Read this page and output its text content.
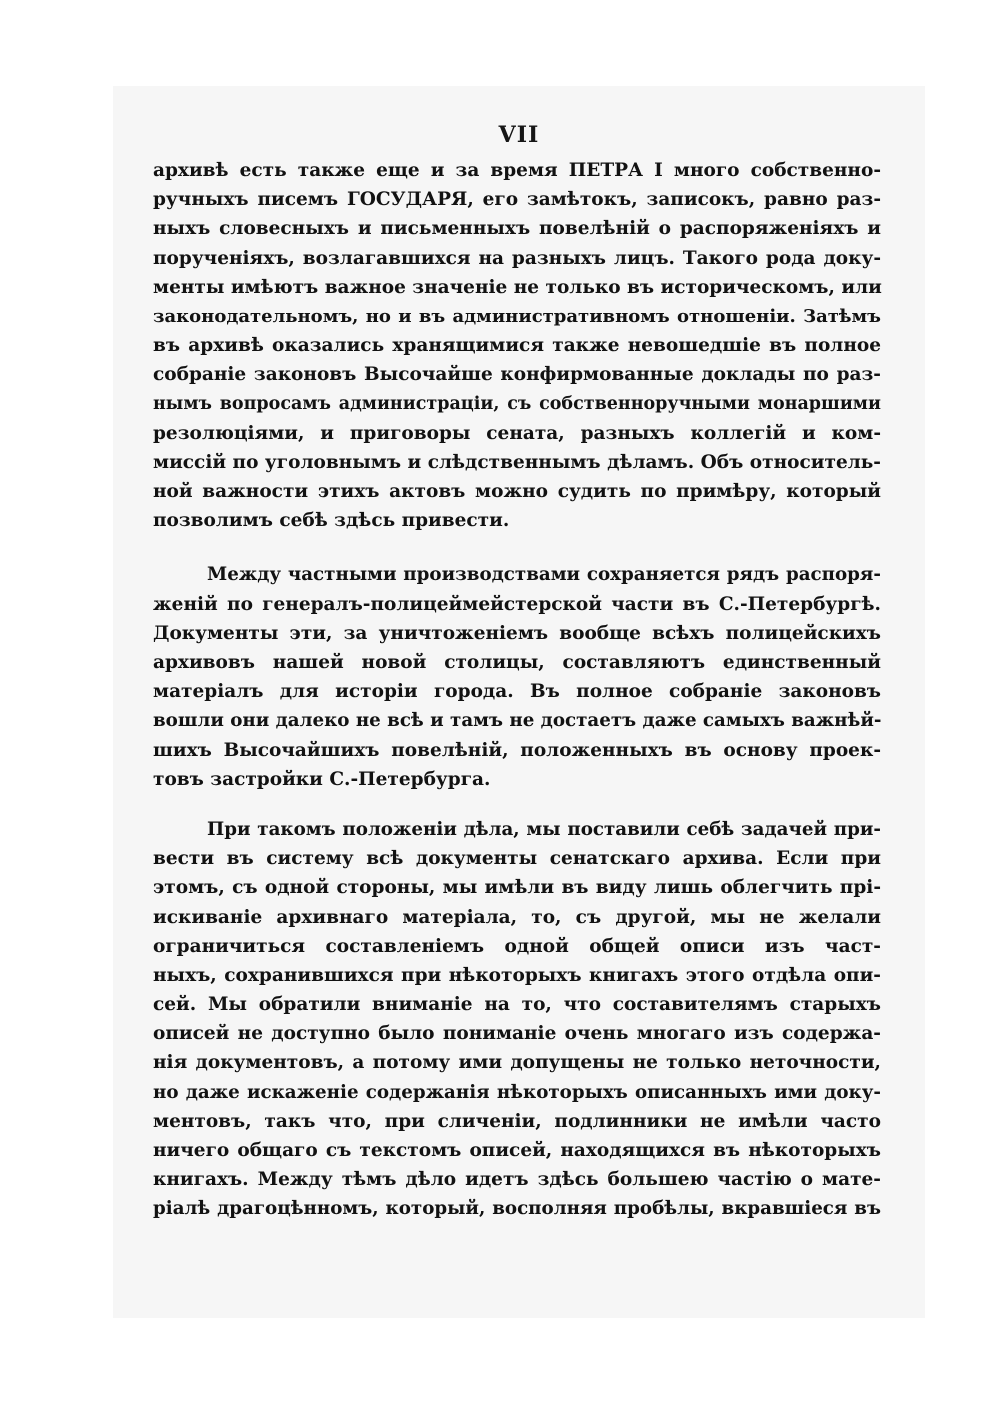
VII
архивѣ есть также еще и за время ПЕТРА I много собственно-
ручныхъ писемъ ГОСУДАРЯ, его замѣтокъ, записокъ, равно раз-
ныхъ словесныхъ и письменныхъ повелѣній о распоряженіяхъ и
порученіяхъ, возлагавшихся на разныхъ лицъ. Такого рода доку-
менты имѣютъ важное значеніе не только въ историческомъ, или
законодательномъ, но и въ административномъ отношеніи. Затѣмъ
въ архивѣ оказались хранящимися также невошедшіе въ полное
собраніе законовъ Высочайше конфирмованные доклады по раз-
нымъ вопросамъ администраціи, съ собственноручными монаршими
резолюціями, и приговоры сената, разныхъ коллегій и ком-
миссій по уголовнымъ и слѣдственнымъ дѣламъ. Объ относитель-
ной важности этихъ актовъ можно судить по примѣру, который
позволимъ себѣ здѣсь привести.
Между частными производствами сохраняется рядъ распоря-
женій по генералъ-полицеймейстерской части въ С.-Петербургѣ.
Документы эти, за уничтоженіемъ вообще всѣхъ полицейскихъ
архивовъ нашей новой столицы, составляютъ единственный
матеріалъ для исторіи города. Въ полное собраніе законовъ
вошли они далеко не всѣ и тамъ не достаетъ даже самыхъ важнѣй-
шихъ Высочайшихъ повелѣній, положенныхъ въ основу проек-
товъ застройки С.-Петербурга.
При такомъ положеніи дѣла, мы поставили себѣ задачей при-
вести въ систему всѣ документы сенатскаго архива. Если при
этомъ, съ одной стороны, мы имѣли въ виду лишь облегчить прі-
искиваніе архивнаго матеріала, то, съ другой, мы не желали
ограничиться составленіемъ одной общей описи изъ част-
ныхъ, сохранившихся при нѣкоторыхъ книгахъ этого отдѣла опи-
сей. Мы обратили вниманіе на то, что составителямъ старыхъ
описей не доступно было пониманіе очень многаго изъ содержа-
нія документовъ, а потому ими допущены не только неточности,
но даже искаженіе содержанія нѣкоторыхъ описанныхъ ими доку-
ментовъ, такъ что, при сличеніи, подлинники не имѣли часто
ничего общаго съ текстомъ описей, находящихся въ нѣкоторыхъ
книгахъ. Между тѣмъ дѣло идетъ здѣсь большею частію о мате-
ріалѣ драгоцѣнномъ, который, восполняя пробѣлы, вкравшіеся въ
